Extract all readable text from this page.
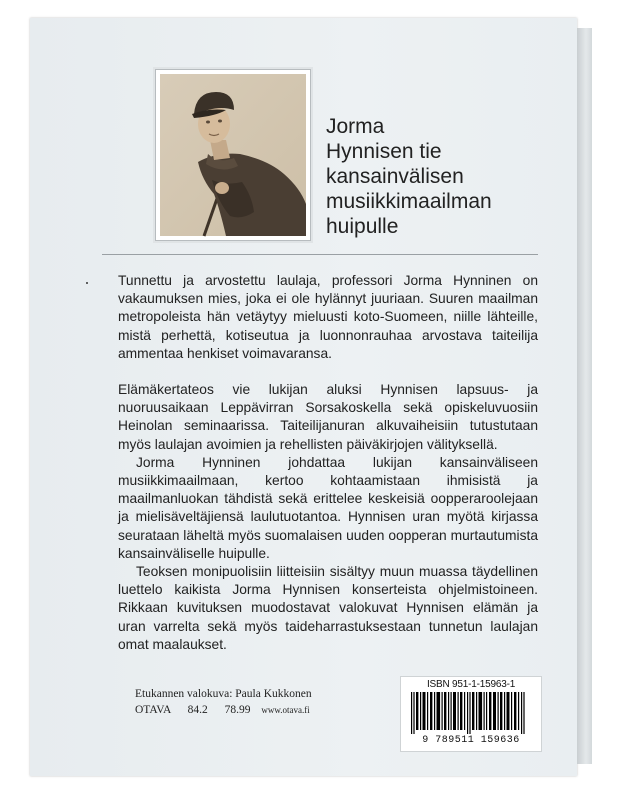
Jorma
Hynnisen tie
kansainvälisen
musiikkimaailman
huipulle

Tunnettu ja arvostettu laulaja, professori Jorma Hynninen on vakaumuksen mies, joka ei ole hylännyt juuriaan. Suuren maailman metropoleista hän vetäytyy mieluusti koto-Suomeen, niille lähteille, mistä perhettä, kotiseutua ja luonnonrauhaa arvostava taiteilija ammentaa henkiset voimavaransa.

Elämäkertateos vie lukijan aluksi Hynnisen lapsuus- ja nuoruusaikaan Leppävirran Sorsakoskella sekä opiskeluvuosiin Heinolan seminaarissa. Taiteilijanuran alkuvaiheisiin tutustutaan myös laulajan avoimien ja rehellisten päiväkirjojen välityksellä.

Jorma Hynninen johdattaa lukijan kansainväliseen musiikkimaailmaan, kertoo kohtaamistaan ihmisistä ja maailmanluokan tähdistä sekä erittelee keskeisiä oopperaroolejaan ja mielisäveltäjiensä laulutuotantoa. Hynnisen uran myötä kirjassa seurataan läheltä myös suomalaisen uuden oopperan murtautumista kansainväliselle huipulle.

Teoksen monipuolisiin liitteisiin sisältyy muun muassa täydellinen luettelo kaikista Jorma Hynnisen konserteista ohjelmistoineen. Rikkaan kuvituksen muodostavat valokuvat Hynnisen elämän ja uran varrelta sekä myös taideharrastuksestaan tunnetun laulajan omat maalaukset.

Etukannen valokuva: Paula Kukkonen
OTAVA 84.2 78.99 www.otava.fi
ISBN 951-1-15963-1
9 789511 159636
